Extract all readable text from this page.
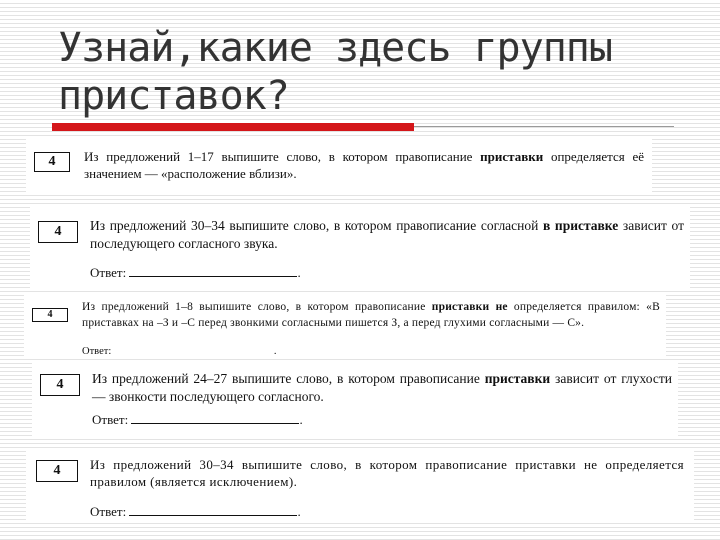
Узнай,какие здесь группы
приставок?
4	Из предложений 1–17 выпишите слово, в котором правописание приставки определяется её значением — «расположение вблизи».
4	Из предложений 30–34 выпишите слово, в котором правописание согласной в приставке зависит от последующего согласного звука.
Ответ:	.
4
Из предложений 1–8 выпишите слово, в котором правописание приставки не определяется правилом: «В приставках на –З и –С перед звонкими согласными пишется З, а перед глухими согласными — С».
Ответ:	.
4	Из предложений 24–27 выпишите слово, в котором правописание приставки зависит от глухости — звонкости последующего согласного.
Ответ:	.
4	Из предложений 30–34 выпишите слово, в котором правописание приставки не определяется правилом (является исключением).
Ответ:	.
